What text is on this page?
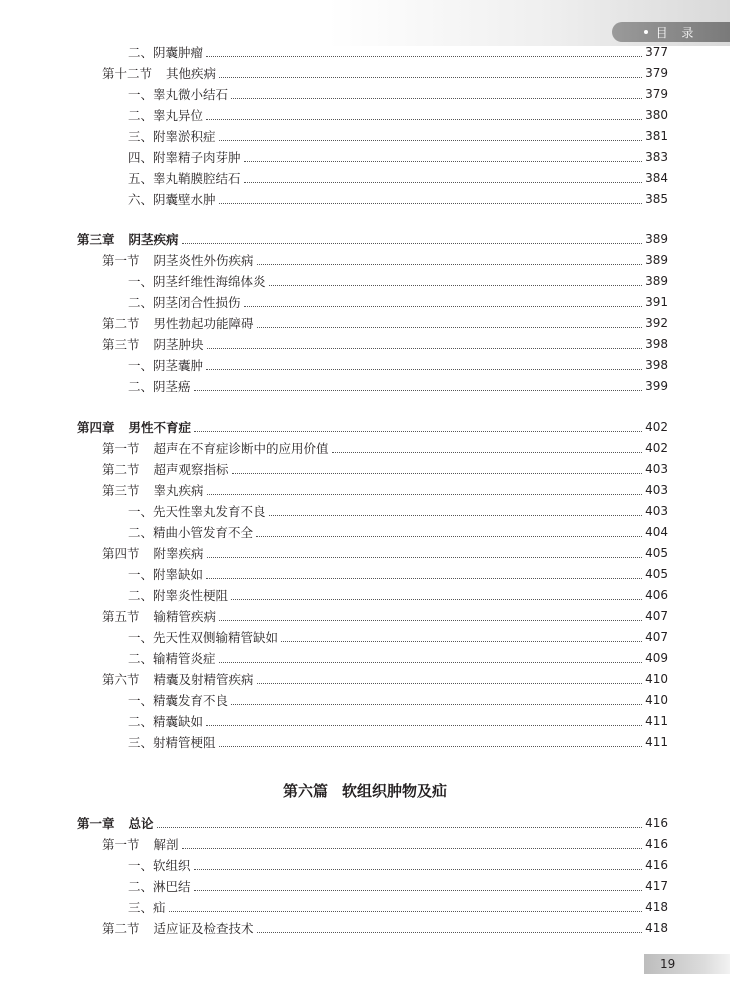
目 录
二、阴囊肿瘤	377
第十二节 其他疾病	379
一、睾丸微小结石	379
二、睾丸异位	380
三、附睾淤积症	381
四、附睾精子肉芽肿	383
五、睾丸鞘膜腔结石	384
六、阴囊壁水肿	385
第三章 阴茎疾病	389
第一节 阴茎炎性外伤疾病	389
一、阴茎纤维性海绵体炎	389
二、阴茎闭合性损伤	391
第二节 男性勃起功能障碍	392
第三节 阴茎肿块	398
一、阴茎囊肿	398
二、阴茎癌	399
第四章 男性不育症	402
第一节 超声在不育症诊断中的应用价值	402
第二节 超声观察指标	403
第三节 睾丸疾病	403
一、先天性睾丸发育不良	403
二、精曲小管发育不全	404
第四节 附睾疾病	405
一、附睾缺如	405
二、附睾炎性梗阻	406
第五节 输精管疾病	407
一、先天性双侧输精管缺如	407
二、输精管炎症	409
第六节 精囊及射精管疾病	410
一、精囊发育不良	410
二、精囊缺如	411
三、射精管梗阻	411
第一章 总论	416
第一节 解剖	416
一、软组织	416
二、淋巴结	417
三、疝	418
第二节 适应证及检查技术	418
第六篇 软组织肿物及疝
19
